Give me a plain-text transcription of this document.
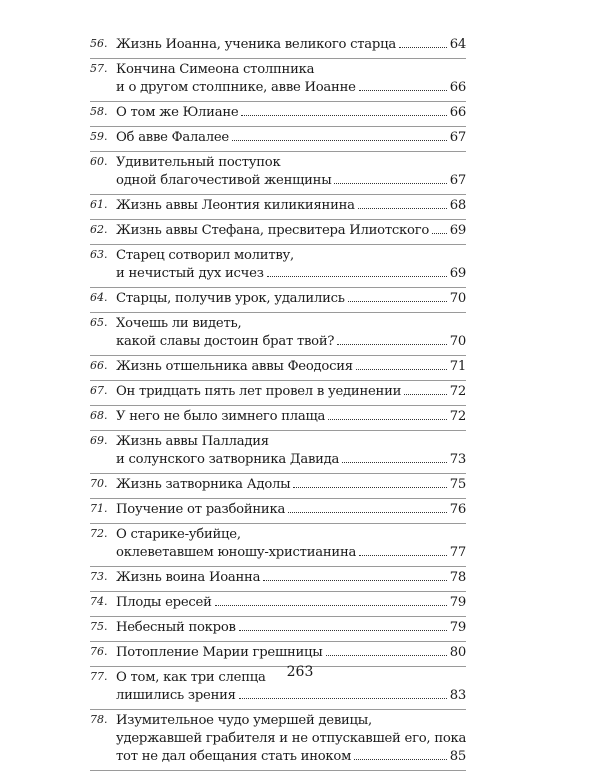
56. Жизнь Иоанна, ученика великого старца	64
57. Кончина Симеона столпника
и о другом столпнике, авве Иоанне	66
58. О том же Юлиане	66
59. Об авве Фалалее	67
60. Удивительный поступок
одной благочестивой женщины	67
61. Жизнь аввы Леонтия киликиянина	68
62. Жизнь аввы Стефана, пресвитера Илиотского 69
63. Старец сотворил молитву,
и нечистый дух исчез	69
64. Старцы, получив урок, удалились	70
65. Хочешь ли видеть,
какой славы достоин брат твой?	70
66. Жизнь отшельника аввы Феодосия	71
67. Он тридцать пять лет провел в уединении	72
68. У него не было зимнего плаща	72
69. Жизнь аввы Палладия
и солунского затворника Давида	73
70. Жизнь затворника Адолы	75
71. Поучение от разбойника	76
72. О старике-убийце,
оклеветавшем юношу-христианина	77
73. Жизнь воина Иоанна	78
74. Плоды ересей	79
75. Небесный покров	79
76. Потопление Марии грешницы	80
77. О том, как три слепца
лишились зрения	83
78. Изумительное чудо умершей девицы,
удержавшей грабителя и не отпускавшей его, пока
тот не дал обещания стать иноком	85
263
